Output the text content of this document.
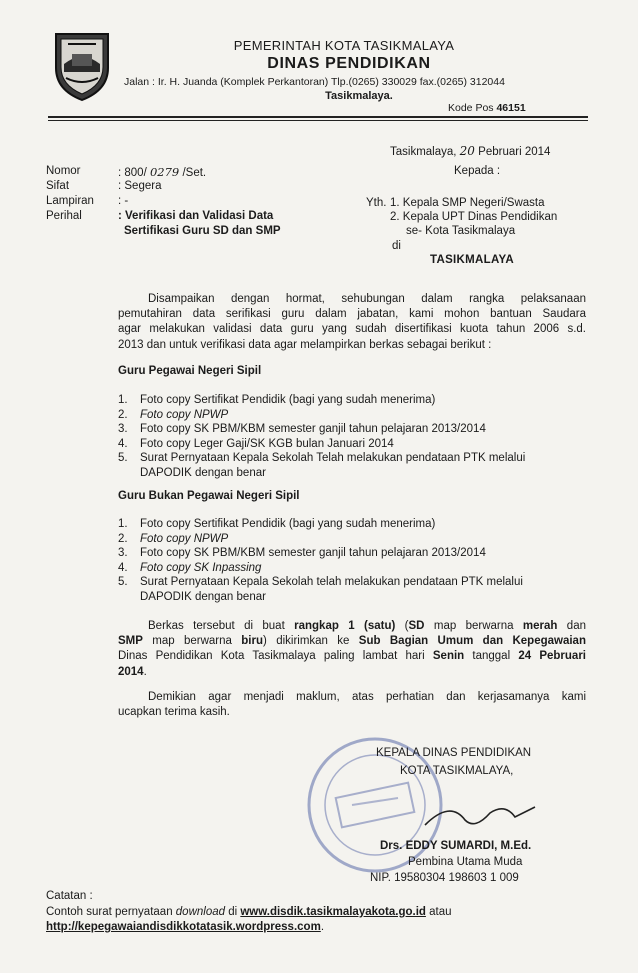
PEMERINTAH KOTA TASIKMALAYA
DINAS PENDIDIKAN
Jalan : Ir. H. Juanda (Komplek Perkantoran) Tlp.(0265) 330029 fax.(0265) 312044
Tasikmalaya.
Kode Pos 46151
Tasikmalaya, 20 Pebruari 2014
Nomor	: 800/ 0279 /Set.
Sifat	: Segera
Lampiran : -
Perihal	: Verifikasi dan Validasi Data
Sertifikasi Guru SD dan SMP
Kepada :
Yth. 1. Kepala SMP Negeri/Swasta
2. Kepala UPT Dinas Pendidikan
se- Kota Tasikmalaya
di
TASIKMALAYA
Disampaikan dengan hormat, sehubungan dalam rangka pelaksanaan
pemutahiran data serifikasi guru dalam jabatan, kami mohon bantuan Saudara
agar melakukan validasi data guru yang sudah disertifikasi kuota tahun 2006 s.d.
2013 dan untuk verifikasi data agar melampirkan berkas sebagai berikut :
Guru Pegawai Negeri Sipil
1.	Foto copy Sertifikat Pendidik (bagi yang sudah menerima)
2.	Foto copy NPWP
3.	Foto copy SK PBM/KBM semester ganjil tahun pelajaran 2013/2014
4.	Foto copy Leger Gaji/SK KGB bulan Januari 2014
5.	Surat Pernyataan Kepala Sekolah Telah melakukan pendataan PTK melalui
DAPODIK dengan benar
Guru Bukan Pegawai Negeri Sipil
1.	Foto copy Sertifikat Pendidik (bagi yang sudah menerima)
2.	Foto copy NPWP
3.	Foto copy SK PBM/KBM semester ganjil tahun pelajaran 2013/2014
4.	Foto copy SK Inpassing
5.	Surat Pernyataan Kepala Sekolah telah melakukan pendataan PTK melalui
DAPODIK dengan benar
Berkas tersebut di buat rangkap 1 (satu) (SD map berwarna merah dan
SMP map berwarna biru) dikirimkan ke Sub Bagian Umum dan Kepegawaian
Dinas Pendidikan Kota Tasikmalaya paling lambat hari Senin tanggal 24 Pebruari
2014.
Demikian agar menjadi maklum, atas perhatian dan kerjasamanya kami
ucapkan terima kasih.
KEPALA DINAS PENDIDIKAN
KOTA TASIKMALAYA,
Drs. EDDY SUMARDI, M.Ed.
Pembina Utama Muda
NIP. 19580304 198603 1 009
Catatan :
Contoh surat pernyataan download di www.disdik.tasikmalayakota.go.id atau
http://kepegawaiandisdikkotatasik.wordpress.com.
